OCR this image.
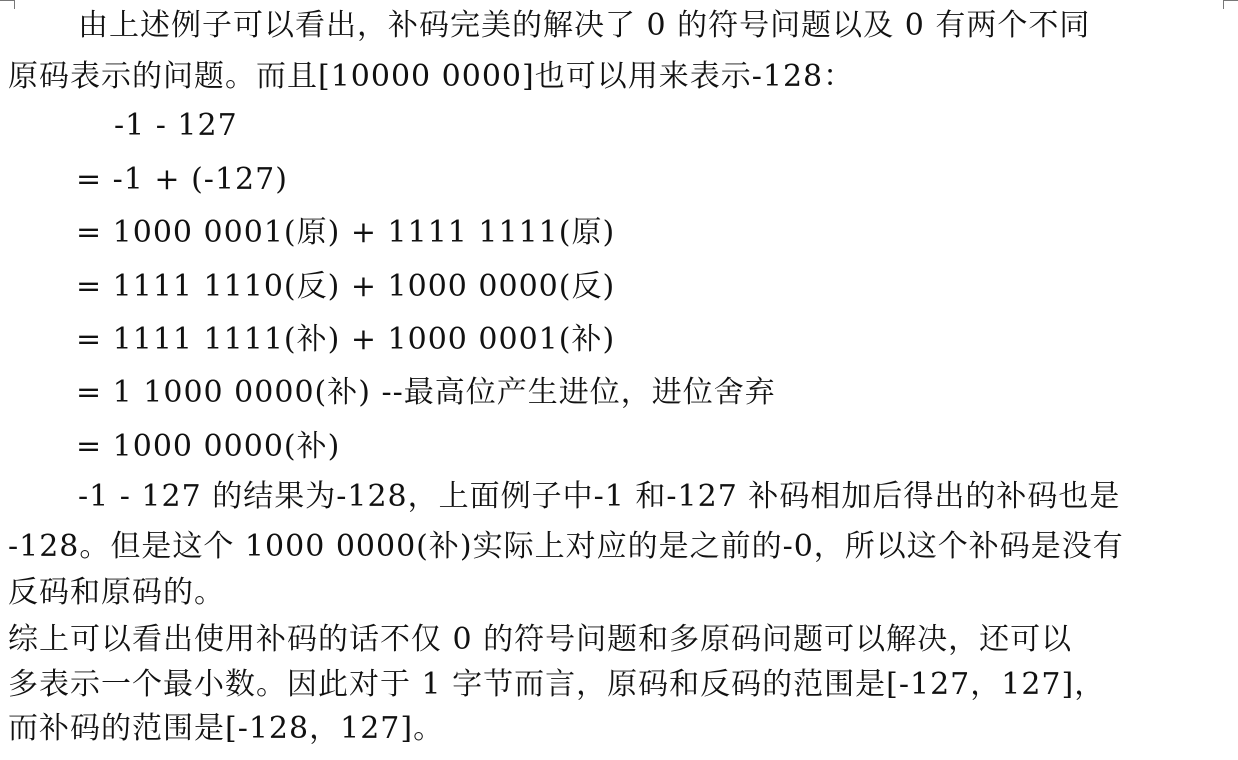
由上述例子可以看出，补码完美的解决了 0 的符号问题以及 0 有两个不同
原码表示的问题。而且[10000 0000]也可以用来表示-128：
-1 - 127
= -1 + (-127)
= 1000 0001(原) + 1111 1111(原)
= 1111 1110(反) + 1000 0000(反)
= 1111 1111(补) + 1000 0001(补)
= 1 1000 0000(补) --最高位产生进位，进位舍弃
= 1000 0000(补)
-1 - 127 的结果为-128，上面例子中-1 和-127 补码相加后得出的补码也是
-128。但是这个 1000 0000(补)实际上对应的是之前的-0，所以这个补码是没有
反码和原码的。
综上可以看出使用补码的话不仅 0 的符号问题和多原码问题可以解决，还可以
多表示一个最小数。因此对于 1 字节而言，原码和反码的范围是[-127，127]，
而补码的范围是[-128，127]。
